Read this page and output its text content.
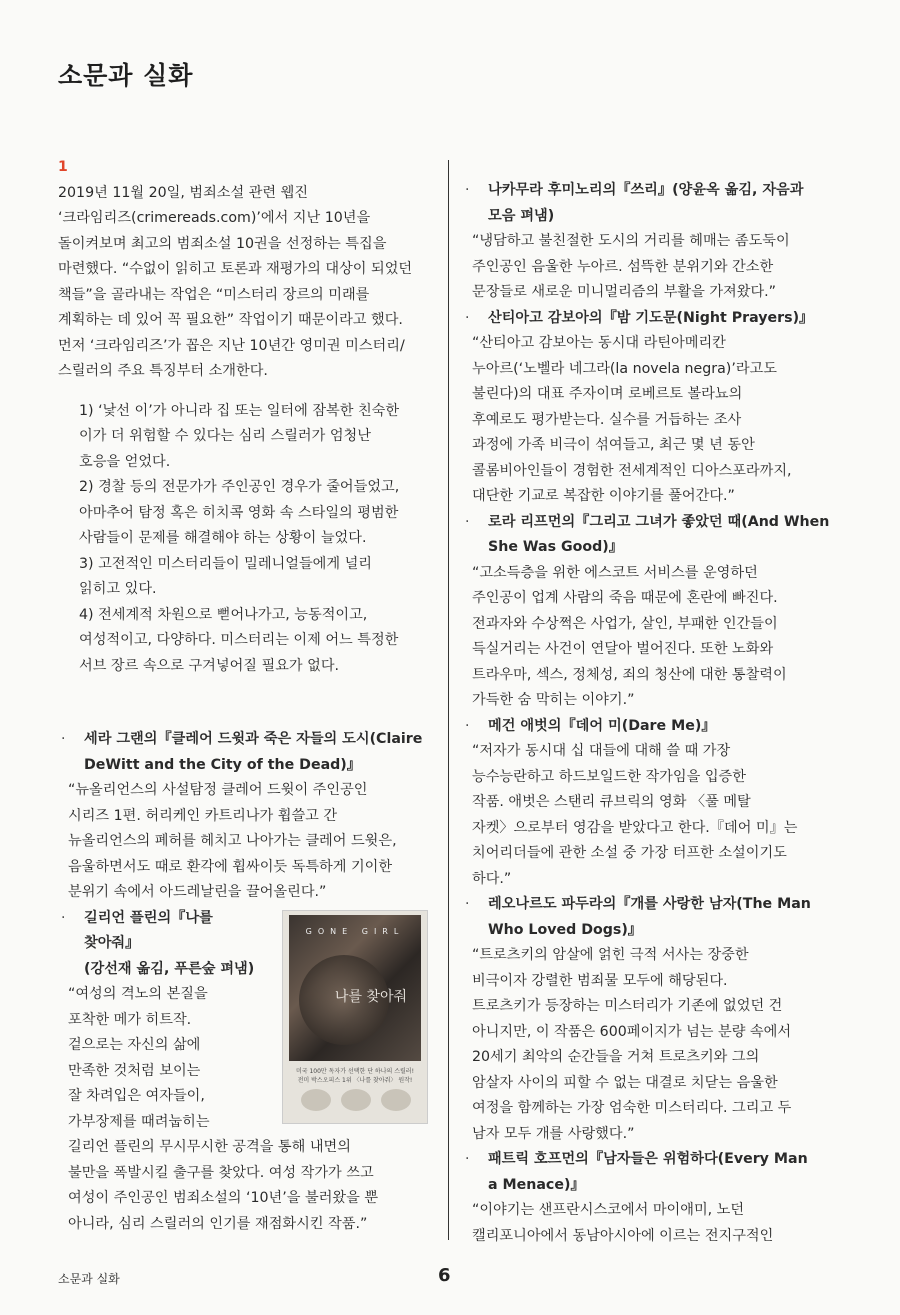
소문과 실화
1
2019년 11월 20일, 범죄소설 관련 웹진
‘크라임리즈(crimereads.com)’에서 지난 10년을
돌이켜보며 최고의 범죄소설 10권을 선정하는 특집을
마련했다. “수없이 읽히고 토론과 재평가의 대상이 되었던
책들”을 골라내는 작업은 “미스터리 장르의 미래를
계획하는 데 있어 꼭 필요한” 작업이기 때문이라고 했다.
먼저 ‘크라임리즈’가 꼽은 지난 10년간 영미권 미스터리/
스릴러의 주요 특징부터 소개한다.
1) ‘낯선 이’가 아니라 집 또는 일터에 잠복한 친숙한
이가 더 위험할 수 있다는 심리 스릴러가 엄청난
호응을 얻었다.
2) 경찰 등의 전문가가 주인공인 경우가 줄어들었고,
아마추어 탐정 혹은 히치콕 영화 속 스타일의 평범한
사람들이 문제를 해결해야 하는 상황이 늘었다.
3) 고전적인 미스터리들이 밀레니얼들에게 널리
읽히고 있다.
4) 전세계적 차원으로 뻗어나가고, 능동적이고,
여성적이고, 다양하다. 미스터리는 이제 어느 특정한
서브 장르 속으로 구겨넣어질 필요가 없다.
· 세라 그랜의『클레어 드윗과 죽은 자들의 도시(Claire
DeWitt and the City of the Dead)』
“뉴올리언스의 사설탐정 클레어 드윗이 주인공인
시리즈 1편. 허리케인 카트리나가 휩쓸고 간
뉴올리언스의 폐허를 헤치고 나아가는 클레어 드윗은,
음울하면서도 때로 환각에 휩싸이듯 독특하게 기이한
분위기 속에서 아드레날린을 끌어올린다.”
· 길리언 플린의『나를
찾아줘』
(강선재 옮김, 푸른숲 펴냄)
“여성의 격노의 본질을
포착한 메가 히트작.
겉으로는 자신의 삶에
만족한 것처럼 보이는
잘 차려입은 여자들이,
가부장제를 때려눕히는
길리언 플린의 무시무시한 공격을 통해 내면의
불만을 폭발시킬 출구를 찾았다. 여성 작가가 쓰고
여성이 주인공인 범죄소설의 ‘10년’을 불러왔을 뿐
아니라, 심리 스릴러의 인기를 재점화시킨 작품.”
GONE GIRL
나를 찾아줘
미국 100만 독자가 선택한 단 하나의 스릴러!
전미 박스오피스 1위 〈나를 찾아줘〉 원작!
· 나카무라 후미노리의『쓰리』(양윤옥 옮김, 자음과
모음 펴냄)
“냉담하고 불친절한 도시의 거리를 헤매는 좀도둑이
주인공인 음울한 누아르. 섬뜩한 분위기와 간소한
문장들로 새로운 미니멀리즘의 부활을 가져왔다.”
· 산티아고 감보아의『밤 기도문(Night Prayers)』
“산티아고 감보아는 동시대 라틴아메리칸
누아르(‘노벨라 네그라(la novela negra)’라고도
불린다)의 대표 주자이며 로베르토 볼라뇨의
후예로도 평가받는다. 실수를 거듭하는 조사
과정에 가족 비극이 섞여들고, 최근 몇 년 동안
콜롬비아인들이 경험한 전세계적인 디아스포라까지,
대단한 기교로 복잡한 이야기를 풀어간다.”
· 로라 리프먼의『그리고 그녀가 좋았던 때(And When
She Was Good)』
“고소득층을 위한 에스코트 서비스를 운영하던
주인공이 업계 사람의 죽음 때문에 혼란에 빠진다.
전과자와 수상쩍은 사업가, 살인, 부패한 인간들이
득실거리는 사건이 연달아 벌어진다. 또한 노화와
트라우마, 섹스, 정체성, 죄의 청산에 대한 통찰력이
가득한 숨 막히는 이야기.”
· 메건 애벗의『데어 미(Dare Me)』
“저자가 동시대 십 대들에 대해 쓸 때 가장
능수능란하고 하드보일드한 작가임을 입증한
작품. 애벗은 스탠리 큐브릭의 영화 〈풀 메탈
자켓〉으로부터 영감을 받았다고 한다.『데어 미』는
치어리더들에 관한 소설 중 가장 터프한 소설이기도
하다.”
· 레오나르도 파두라의『개를 사랑한 남자(The Man
Who Loved Dogs)』
“트로츠키의 암살에 얽힌 극적 서사는 장중한
비극이자 강렬한 범죄물 모두에 해당된다.
트로츠키가 등장하는 미스터리가 기존에 없었던 건
아니지만, 이 작품은 600페이지가 넘는 분량 속에서
20세기 최악의 순간들을 거쳐 트로츠키와 그의
암살자 사이의 피할 수 없는 대결로 치닫는 음울한
여정을 함께하는 가장 엄숙한 미스터리다. 그리고 두
남자 모두 개를 사랑했다.”
· 패트릭 호프먼의『남자들은 위험하다(Every Man
a Menace)』
“이야기는 샌프란시스코에서 마이애미, 노던
캘리포니아에서 동남아시아에 이르는 전지구적인
소문과 실화	6
